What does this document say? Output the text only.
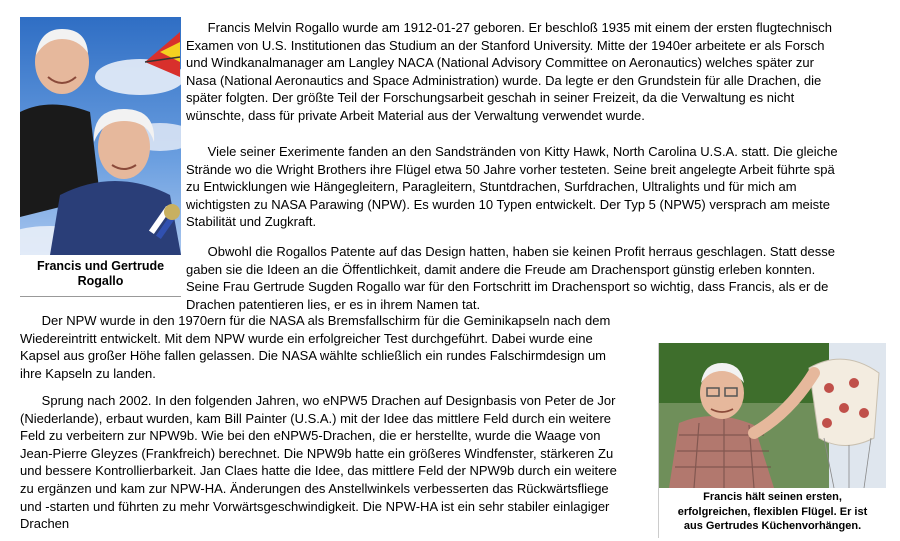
Francis und Gertrude
Rogallo

Francis Melvin Rogallo wurde am 1912-01-27 geboren. Er beschloß 1935 mit einem der ersten flugtechnisch
Examen von U.S. Institutionen das Studium an der Stanford University. Mitte der 1940er arbeitete er als Forsch
und Windkanalmanager am Langley NACA (National Advisory Committee on Aeronautics) welches später zur
Nasa (National Aeronautics and Space Administration) wurde. Da legte er den Grundstein für alle Drachen, die
später folgten. Der größte Teil der Forschungsarbeit geschah in seiner Freizeit, da die Verwaltung es nicht
wünschte, dass für private Arbeit Material aus der Verwaltung verwendet wurde.

Viele seiner Exerimente fanden an den Sandstränden von Kitty Hawk, North Carolina U.S.A. statt. Die gleiche
Strände wo die Wright Brothers ihre Flügel etwa 50 Jahre vorher testeten. Seine breit angelegte Arbeit führte spä
zu Entwicklungen wie Hängegleitern, Paragleitern, Stuntdrachen, Surfdrachen, Ultralights und für mich am
wichtigsten zu NASA Parawing (NPW). Es wurden 10 Typen entwickelt. Der Typ 5 (NPW5) versprach am meiste
Stabilität und Zugkraft.

Obwohl die Rogallos Patente auf das Design hatten, haben sie keinen Profit herraus geschlagen. Statt desse
gaben sie die Ideen an die Öffentlichkeit, damit andere die Freude am Drachensport günstig erleben konnten.
Seine Frau Gertrude Sugden Rogallo war für den Fortschritt im Drachensport so wichtig, dass Francis, als er de
Drachen patentieren lies, er es in ihrem Namen tat.

Der NPW wurde in den 1970ern für die NASA als Bremsfallschirm für die Geminikapseln nach dem
Wiedereintritt entwickelt. Mit dem NPW wurde ein erfolgreicher Test durchgeführt. Dabei wurde eine
Kapsel aus großer Höhe fallen gelassen. Die NASA wählte schließlich ein rundes Falschirmdesign um
ihre Kapseln zu landen.

Sprung nach 2002. In den folgenden Jahren, wo eNPW5 Drachen auf Designbasis von Peter de Jor
(Niederlande), erbaut wurden, kam Bill Painter (U.S.A.) mit der Idee das mittlere Feld durch ein weitere
Feld zu verbeitern zur NPW9b. Wie bei den eNPW5-Drachen, die er herstellte, wurde die Waage von
Jean-Pierre Gleyzes (Frankfreich) berechnet. Die NPW9b hatte ein größeres Windfenster, stärkeren Zu
und bessere Kontrollierbarkeit. Jan Claes hatte die Idee, das mittlere Feld der NPW9b durch ein weitere
zu ergänzen und kam zur NPW-HA. Änderungen des Anstellwinkels verbesserten das Rückwärtsfliege
und -starten und führten zu mehr Vorwärtsgeschwindigkeit. Die NPW-HA ist ein sehr stabiler einlagiger
Drachen

Francis hält seinen ersten,
erfolgreichen, flexiblen Flügel. Er ist
aus Gertrudes Küchenvorhängen.
